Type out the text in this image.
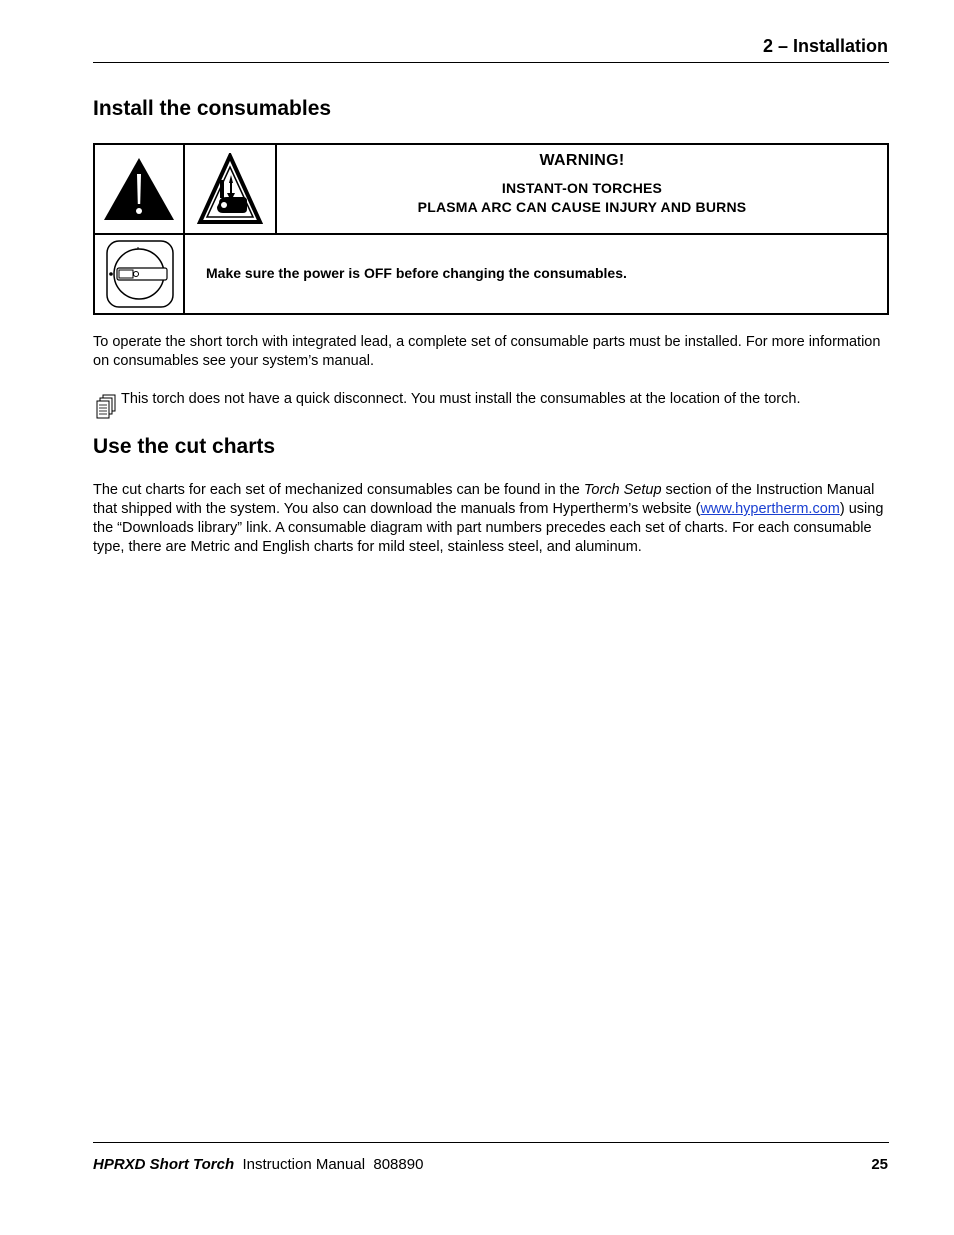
2 – Installation
Install the consumables
WARNING!
INSTANT-ON TORCHES
PLASMA ARC CAN CAUSE INJURY AND BURNS
Make sure the power is OFF before changing the consumables.

To operate the short torch with integrated lead, a complete set of consumable parts must be installed. For more information on consumables see your system’s manual.

This torch does not have a quick disconnect. You must install the consumables at the location of the torch.
Use the cut charts

The cut charts for each set of mechanized consumables can be found in the Torch Setup section of the Instruction Manual that shipped with the system. You also can download the manuals from Hypertherm’s website (www.hypertherm.com) using the “Downloads library” link. A consumable diagram with part numbers precedes each set of charts. For each consumable type, there are Metric and English charts for mild steel, stainless steel, and aluminum.

HPRXD Short Torch Instruction Manual  808890	25
